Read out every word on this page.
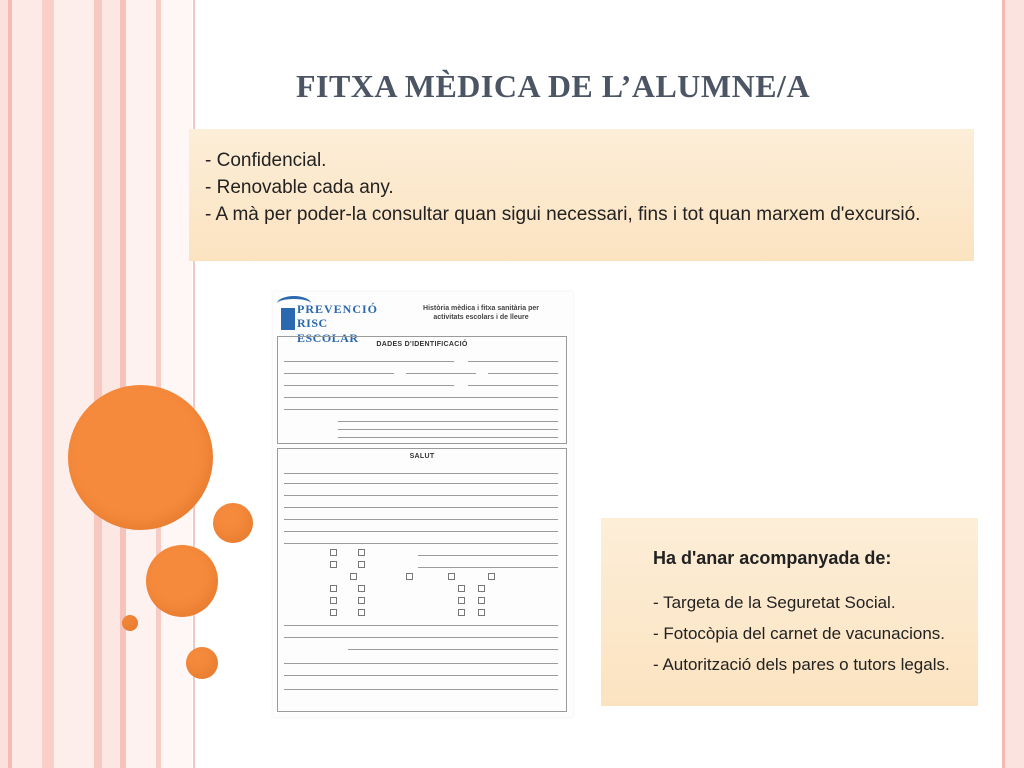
FITXA MÈDICA DE L’ALUMNE/A
- Confidencial.
- Renovable cada any.
- A mà per poder-la consultar quan sigui necessari, fins i tot quan marxem d'excursió.
PREVENCIÓ
RISC ESCOLAR
Història mèdica i fitxa sanitària per
activitats escolars i de lleure
DADES D'IDENTIFICACIÓ
SALUT
Ha d'anar acompanyada de:
- Targeta de la Seguretat Social.
- Fotocòpia del carnet de vacunacions.
- Autorització dels pares o tutors legals.
